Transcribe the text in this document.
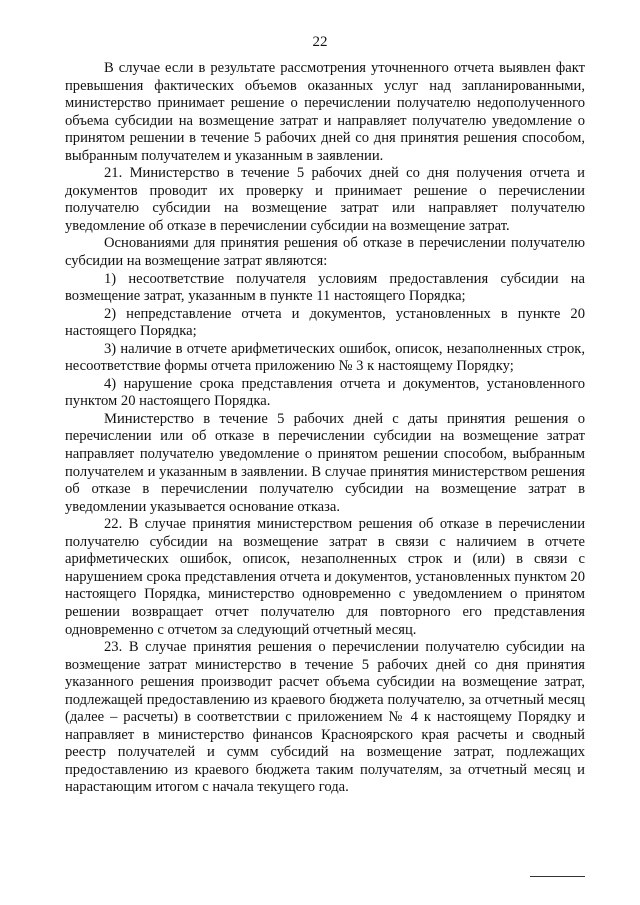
22

В случае если в результате рассмотрения уточненного отчета выявлен факт превышения фактических объемов оказанных услуг над запланированными, министерство принимает решение о перечислении получателю недополученного объема субсидии на возмещение затрат и направляет получателю уведомление о принятом решении в течение 5 рабочих дней со дня принятия решения способом, выбранным получателем и указанным в заявлении.

21. Министерство в течение 5 рабочих дней со дня получения отчета и документов проводит их проверку и принимает решение о перечислении получателю субсидии на возмещение затрат или направляет получателю уведомление об отказе в перечислении субсидии на возмещение затрат.

Основаниями для принятия решения об отказе в перечислении получателю субсидии на возмещение затрат являются:

1) несоответствие получателя условиям предоставления субсидии на возмещение затрат, указанным в пункте 11 настоящего Порядка;

2) непредставление отчета и документов, установленных в пункте 20 настоящего Порядка;

3) наличие в отчете арифметических ошибок, описок, незаполненных строк, несоответствие формы отчета приложению № 3 к настоящему Порядку;

4) нарушение срока представления отчета и документов, установленного пунктом 20 настоящего Порядка.

Министерство в течение 5 рабочих дней с даты принятия решения о перечислении или об отказе в перечислении субсидии на возмещение затрат направляет получателю уведомление о принятом решении способом, выбранным получателем и указанным в заявлении. В случае принятия министерством решения об отказе в перечислении получателю субсидии на возмещение затрат в уведомлении указывается основание отказа.

22. В случае принятия министерством решения об отказе в перечислении получателю субсидии на возмещение затрат в связи с наличием в отчете арифметических ошибок, описок, незаполненных строк и (или) в связи с нарушением срока представления отчета и документов, установленных пунктом 20 настоящего Порядка, министерство одновременно с уведомлением о принятом решении возвращает отчет получателю для повторного его представления одновременно с отчетом за следующий отчетный месяц.

23. В случае принятия решения о перечислении получателю субсидии на возмещение затрат министерство в течение 5 рабочих дней со дня принятия указанного решения производит расчет объема субсидии на возмещение затрат, подлежащей предоставлению из краевого бюджета получателю, за отчетный месяц (далее – расчеты) в соответствии с приложением № 4 к настоящему Порядку и направляет в министерство финансов Красноярского края расчеты и сводный реестр получателей и сумм субсидий на возмещение затрат, подлежащих предоставлению из краевого бюджета таким получателям, за отчетный месяц и нарастающим итогом с начала текущего года.
